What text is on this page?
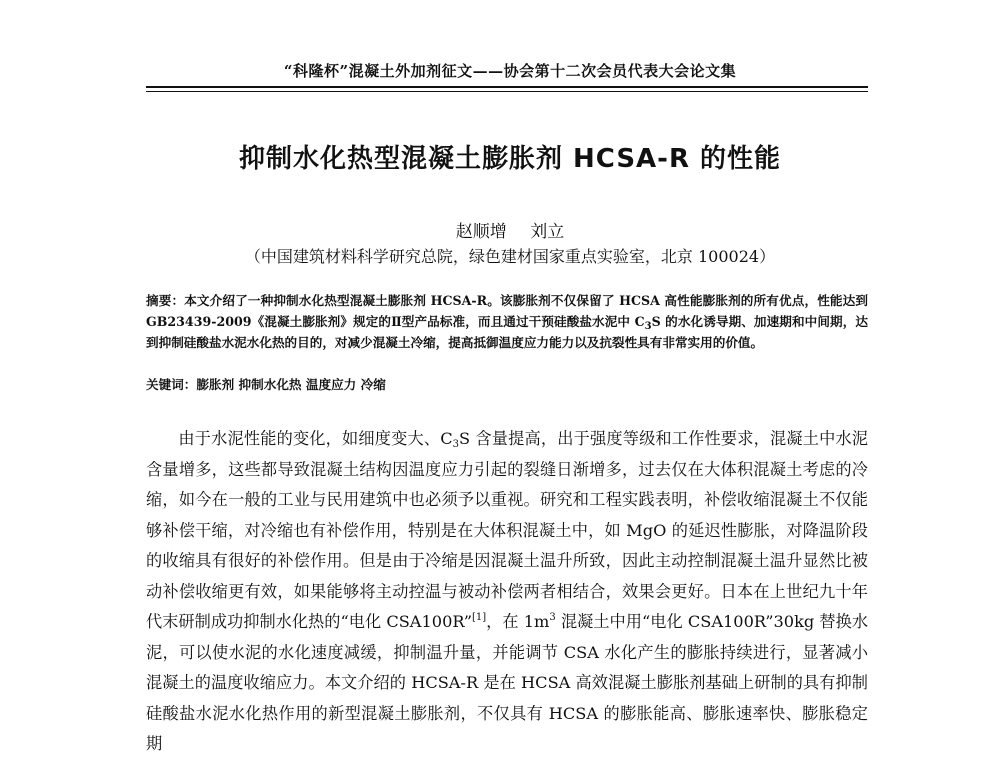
“科隆杯”混凝土外加剂征文——协会第十二次会员代表大会论文集
抑制水化热型混凝土膨胀剂 HCSA-R 的性能
赵顺增 刘立
（中国建筑材料科学研究总院，绿色建材国家重点实验室，北京 100024）
摘要：本文介绍了一种抑制水化热型混凝土膨胀剂 HCSA-R。该膨胀剂不仅保留了 HCSA 高性能膨胀剂的所有优点，性能达到 GB23439-2009《混凝土膨胀剂》规定的Ⅱ型产品标准，而且通过干预硅酸盐水泥中 $C_3S$ 的水化诱导期、加速期和中间期，达到抑制硅酸盐水泥水化热的目的，对减少混凝土冷缩，提高抵御温度应力能力以及抗裂性具有非常实用的价值。
关键词：膨胀剂 抑制水化热 温度应力 冷缩
由于水泥性能的变化，如细度变大、$C_3S$ 含量提高，出于强度等级和工作性要求，混凝土中水泥含量增多，这些都导致混凝土结构因温度应力引起的裂缝日渐增多，过去仅在大体积混凝土考虑的冷缩，如今在一般的工业与民用建筑中也必须予以重视。研究和工程实践表明，补偿收缩混凝土不仅能够补偿干缩，对冷缩也有补偿作用，特别是在大体积混凝土中，如 MgO 的延迟性膨胀，对降温阶段的收缩具有很好的补偿作用。但是由于冷缩是因混凝土温升所致，因此主动控制混凝土温升显然比被动补偿收缩更有效，如果能够将主动控温与被动补偿两者相结合，效果会更好。日本在上世纪九十年代末研制成功抑制水化热的“电化 CSA100R”[1]，在 $1m^3$ 混凝土中用“电化 CSA100R”30kg 替换水泥，可以使水泥的水化速度减缓，抑制温升量，并能调节 CSA 水化产生的膨胀持续进行，显著减小混凝土的温度收缩应力。本文介绍的 HCSA-R 是在 HCSA 高效混凝土膨胀剂基础上研制的具有抑制硅酸盐水泥水化热作用的新型混凝土膨胀剂，不仅具有 HCSA 的膨胀能高、膨胀速率快、膨胀稳定期
